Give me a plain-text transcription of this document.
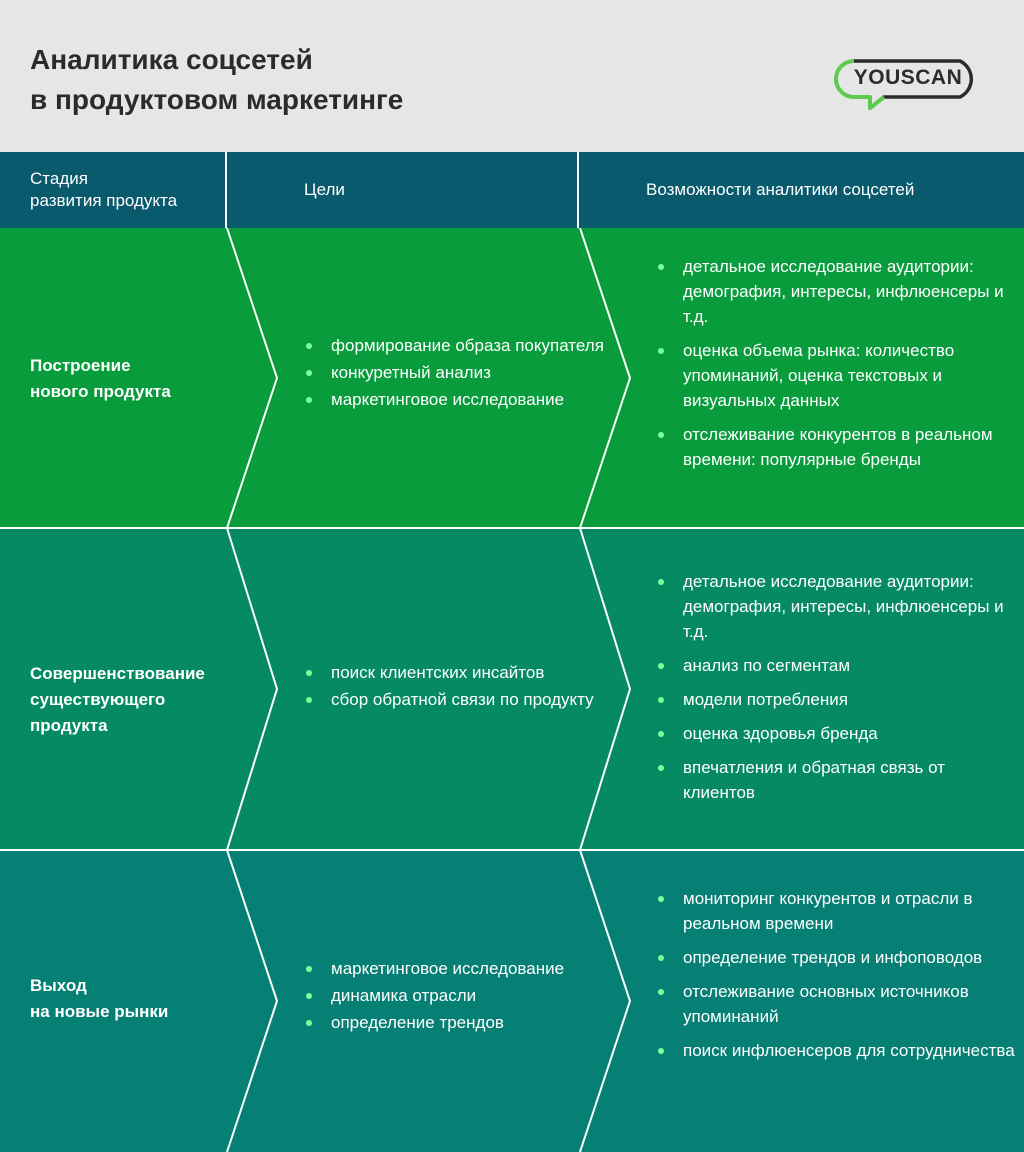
Аналитика соцсетей
в продуктовом маркетинге
YOUSCAN
Стадия
развития продукта
Цели	Возможности аналитики соцсетей
Построение
нового продукта
формирование образа покупателя
конкуретный анализ
маркетинговое исследование
детальное исследование аудитории: демография, интересы, инфлюенсеры и т.д.
оценка объема рынка: количество упоминаний, оценка текстовых и визуальных данных
отслеживание конкурентов в реальном времени: популярные бренды
Совершенствование
существующего
продукта
поиск клиентских инсайтов
сбор обратной связи по продукту
детальное исследование аудитории: демография, интересы, инфлюенсеры и т.д.
анализ по сегментам
модели потребления
оценка здоровья бренда
впечатления и обратная связь от клиентов
Выход
на новые рынки
маркетинговое исследование
динамика отрасли
определение трендов
мониторинг конкурентов и отрасли в реальном времени
определение трендов и инфоповодов
отслеживание основных источников упоминаний
поиск инфлюенсеров для сотрудничества
